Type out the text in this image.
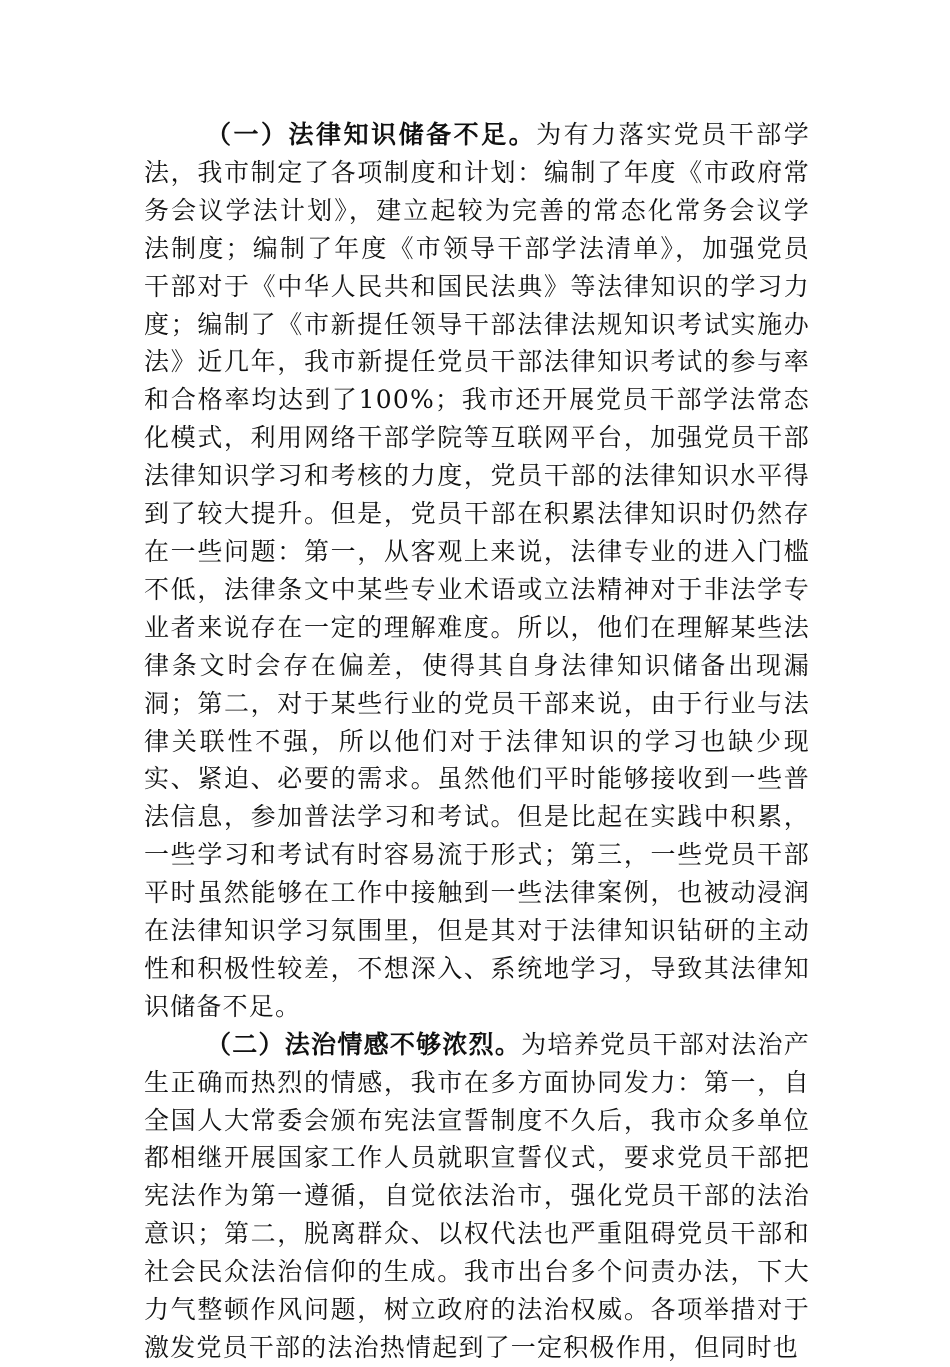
（一）法律知识储备不足。为有力落实党员干部学法，我市制定了各项制度和计划：编制了年度《市政府常务会议学法计划》，建立起较为完善的常态化常务会议学法制度；编制了年度《市领导干部学法清单》，加强党员干部对于《中华人民共和国民法典》等法律知识的学习力度；编制了《市新提任领导干部法律法规知识考试实施办法》近几年，我市新提任党员干部法律知识考试的参与率和合格率均达到了100%；我市还开展党员干部学法常态化模式，利用网络干部学院等互联网平台，加强党员干部法律知识学习和考核的力度，党员干部的法律知识水平得到了较大提升。但是，党员干部在积累法律知识时仍然存在一些问题：第一，从客观上来说，法律专业的进入门槛不低，法律条文中某些专业术语或立法精神对于非法学专业者来说存在一定的理解难度。所以，他们在理解某些法律条文时会存在偏差，使得其自身法律知识储备出现漏洞；第二，对于某些行业的党员干部来说，由于行业与法律关联性不强，所以他们对于法律知识的学习也缺少现实、紧迫、必要的需求。虽然他们平时能够接收到一些普法信息，参加普法学习和考试。但是比起在实践中积累，一些学习和考试有时容易流于形式；第三，一些党员干部平时虽然能够在工作中接触到一些法律案例，也被动浸润在法律知识学习氛围里，但是其对于法律知识钻研的主动性和积极性较差，不想深入、系统地学习，导致其法律知识储备不足。

（二）法治情感不够浓烈。为培养党员干部对法治产生正确而热烈的情感，我市在多方面协同发力：第一，自全国人大常委会颁布宪法宣誓制度不久后，我市众多单位都相继开展国家工作人员就职宣誓仪式，要求党员干部把宪法作为第一遵循，自觉依法治市，强化党员干部的法治意识；第二，脱离群众、以权代法也严重阻碍党员干部和社会民众法治信仰的生成。我市出台多个问责办法，下大力气整顿作风问题，树立政府的法治权威。各项举措对于激发党员干部的法治热情起到了一定积极作用，但同时也
